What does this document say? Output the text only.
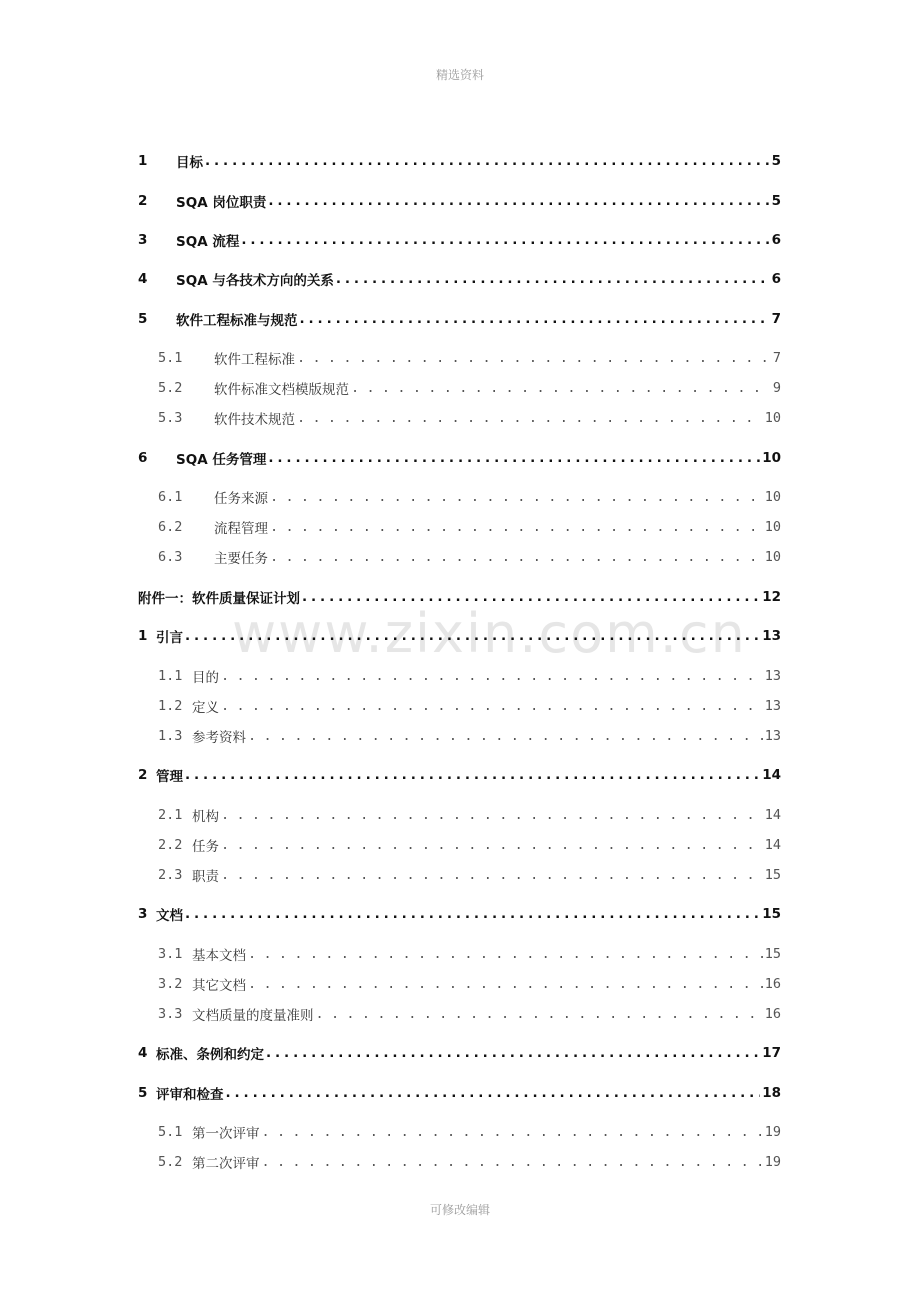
精选资料
www.zixin.com.cn
1	目标 . . .	5
2	SQA 岗位职责 . . .	5
3	SQA 流程 . . .	6
4	SQA 与各技术方向的关系 . . .	6
5	软件工程标准与规范 . . .	7
5.1	软件工程标准 . . .	7
5.2	软件标准文档模版规范 . . .	9
5.3	软件技术规范 . . .	10
6	SQA 任务管理 . . .	10
6.1	任务来源 . . .	10
6.2	流程管理 . . .	10
6.3	主要任务 . . .	10
附件一：软件质量保证计划 . . .	12
1 引言 . . .	13
1.1 目的 . . .	13
1.2 定义 . . .	13
1.3 参考资料 . . .	13
2 管理 . . .	14
2.1 机构 . . .	14
2.2 任务 . . .	14
2.3 职责 . . .	15
3 文档 . . .	15
3.1 基本文档 . . .	15
3.2 其它文档 . . .	16
3.3 文档质量的度量准则 . . .	16
4 标准、条例和约定 . . .	17
5 评审和检查 . . .	18
5.1 第一次评审 . . .	19
5.2 第二次评审 . . .	19
可修改编辑
